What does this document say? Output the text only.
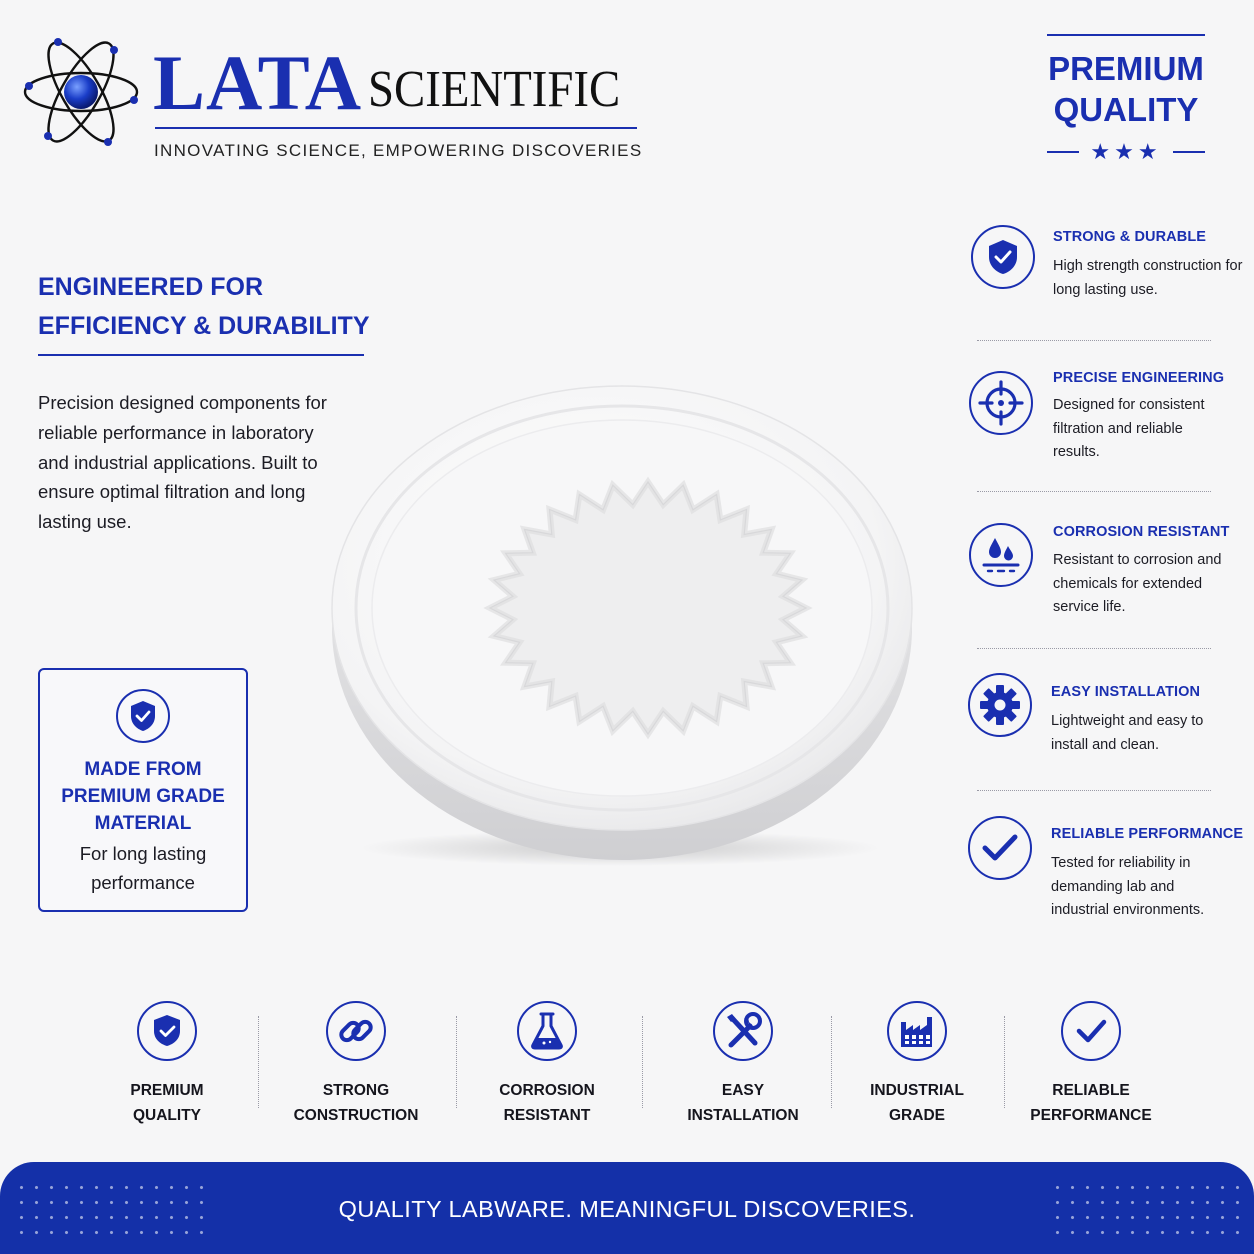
LATA SCIENTIFIC
INNOVATING SCIENCE, EMPOWERING DISCOVERIES
PREMIUM QUALITY
★★★
ENGINEERED FOR EFFICIENCY & DURABILITY
Precision designed components for reliable performance in laboratory and industrial applications. Built to ensure optimal filtration and long lasting use.
MADE FROM PREMIUM GRADE MATERIAL
For long lasting performance
STRONG & DURABLE
High strength construction for long lasting use.
PRECISE ENGINEERING
Designed for consistent filtration and reliable results.
CORROSION RESISTANT
Resistant to corrosion and chemicals for extended service life.
EASY INSTALLATION
Lightweight and easy to install and clean.
RELIABLE PERFORMANCE
Tested for reliability in demanding lab and industrial environments.
PREMIUM
QUALITY
STRONG
CONSTRUCTION
CORROSION
RESISTANT
EASY
INSTALLATION
INDUSTRIAL
GRADE
RELIABLE
PERFORMANCE
QUALITY LABWARE. MEANINGFUL DISCOVERIES.
